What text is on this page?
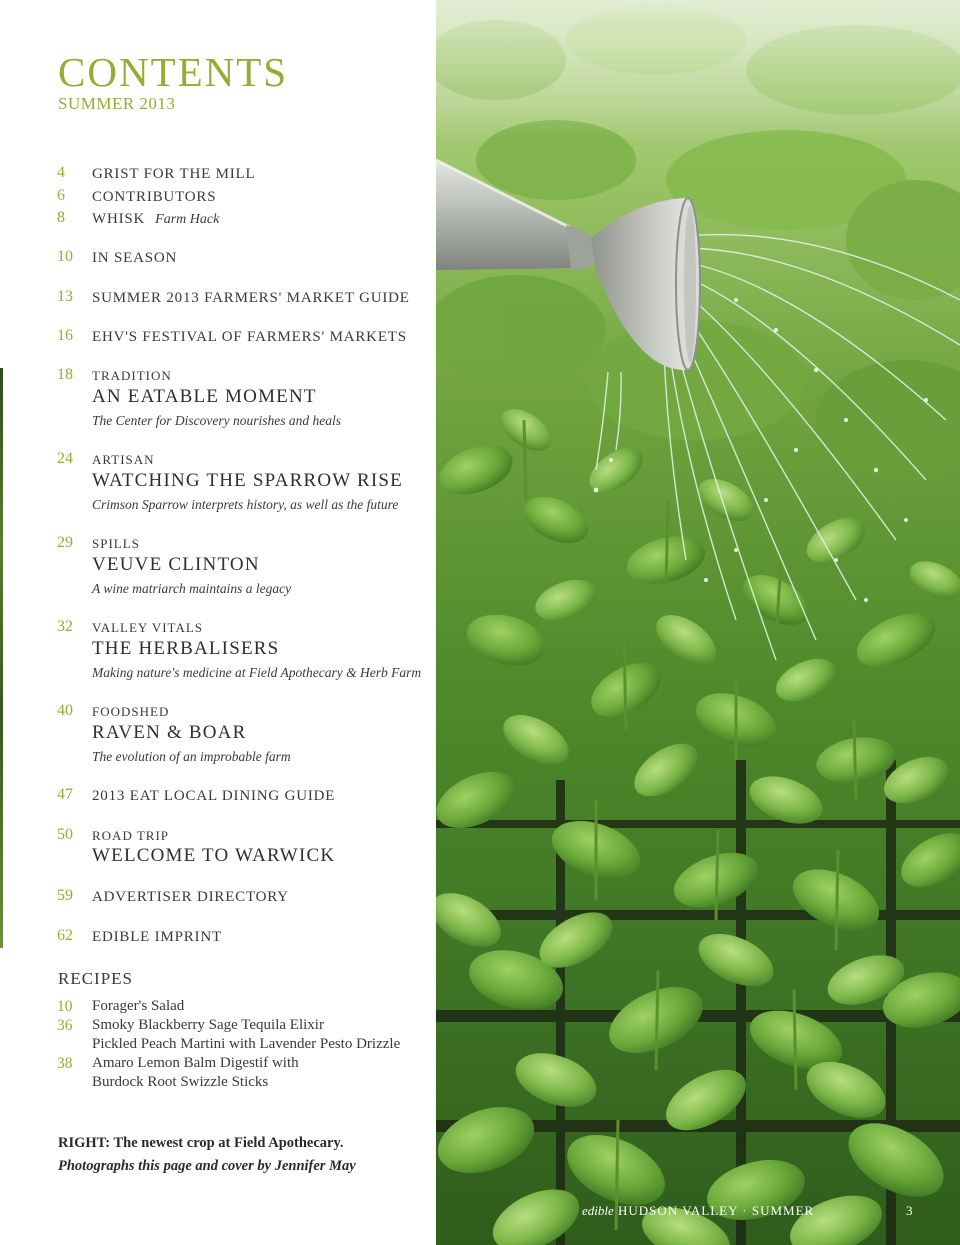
CONTENTS
SUMMER 2013
4 GRIST FOR THE MILL
6 CONTRIBUTORS
8 WHISK Farm Hack
10 IN SEASON
13 SUMMER 2013 FARMERS' MARKET GUIDE
16 EHV'S FESTIVAL OF FARMERS' MARKETS
18 TRADITION
AN EATABLE MOMENT
The Center for Discovery nourishes and heals
24 ARTISAN
WATCHING THE SPARROW RISE
Crimson Sparrow interprets history, as well as the future
29 SPILLS
VEUVE CLINTON
A wine matriarch maintains a legacy
32 VALLEY VITALS
THE HERBALISERS
Making nature's medicine at Field Apothecary & Herb Farm
40 FOODSHED
RAVEN & BOAR
The evolution of an improbable farm
47 2013 EAT LOCAL DINING GUIDE
50 ROAD TRIP
WELCOME TO WARWICK
59 ADVERTISER DIRECTORY
62 EDIBLE IMPRINT
RECIPES
10 Forager's Salad
36 Smoky Blackberry Sage Tequila Elixir
Pickled Peach Martini with Lavender Pesto Drizzle
38 Amaro Lemon Balm Digestif with
Burdock Root Swizzle Sticks
RIGHT: The newest crop at Field Apothecary.
Photographs this page and cover by Jennifer May
edible HUDSON VALLEY · SUMMER	3
